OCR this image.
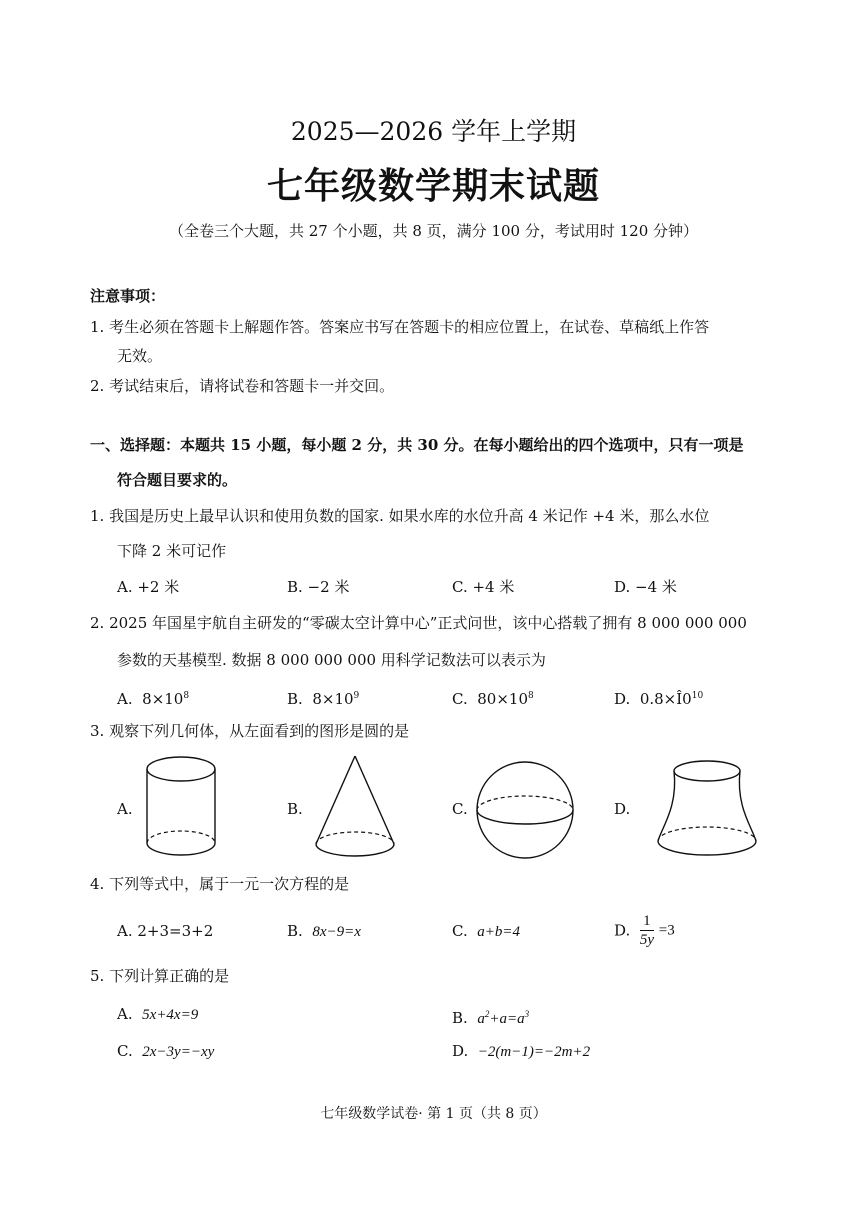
2025—2026 学年上学期
七年级数学期末试题
（全卷三个大题，共 27 个小题，共 8 页，满分 100 分，考试用时 120 分钟）
注意事项：
1. 考生必须在答题卡上解题作答。答案应书写在答题卡的相应位置上，在试卷、草稿纸上作答
无效。
2. 考试结束后，请将试卷和答题卡一并交回。
一、选择题：本题共 15 小题，每小题 2 分，共 30 分。在每小题给出的四个选项中，只有一项是
符合题目要求的。
1. 我国是历史上最早认识和使用负数的国家. 如果水库的水位升高 4 米记作 +4 米，那么水位
下降 2 米可记作
A. +2 米	B. −2 米	C. +4 米	D. −4 米
2. 2025 年国星宇航自主研发的“零碳太空计算中心”正式问世，该中心搭载了拥有 8 000 000 000
参数的天基模型. 数据 8 000 000 000 用科学记数法可以表示为
A. $8\times 10^8$	B. $8\times 10^9$	C. $80\times 10^8$	D. $0.8\times Î0^{10}$
3. 观察下列几何体，从左面看到的图形是圆的是
A.	B.	C.	D.
4. 下列等式中，属于一元一次方程的是
A. 2+3=3+2	B. 8x−9=x	C. a+b=4	D. $\frac{1}{5y} =3$
5. 下列计算正确的是
A. 5x+4x=9	B. $a^2+a=a^3$
C. 2x−3y=−xy	D. −2(m−1)=−2m+2
七年级数学试卷· 第 1 页（共 8 页）
